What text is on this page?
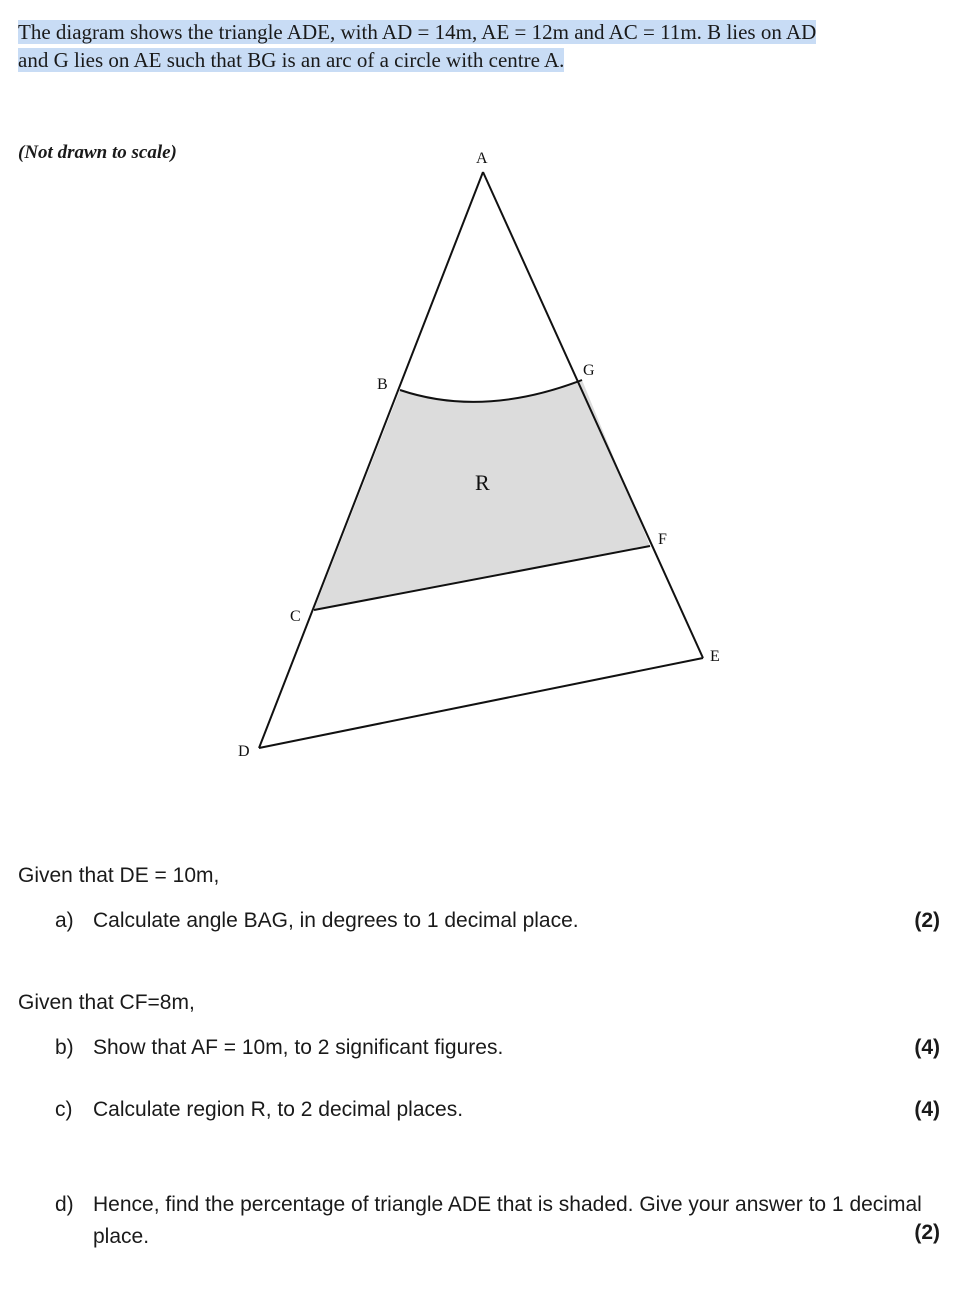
The diagram shows the triangle ADE, with AD = 14m, AE = 12m and AC = 11m. B lies on AD
and G lies on AE such that BG is an arc of a circle with centre A.
(Not drawn to scale)	A
B
G
F
C
E
D
R
Given that DE = 10m,
a) Calculate angle BAG, in degrees to 1 decimal place.	(2)
Given that CF=8m,
b) Show that AF = 10m, to 2 significant figures.	(4)
c) Calculate region R, to 2 decimal places.	(4)
d) Hence, find the percentage of triangle ADE that is shaded. Give your answer to 1 decimal
place.	(2)
